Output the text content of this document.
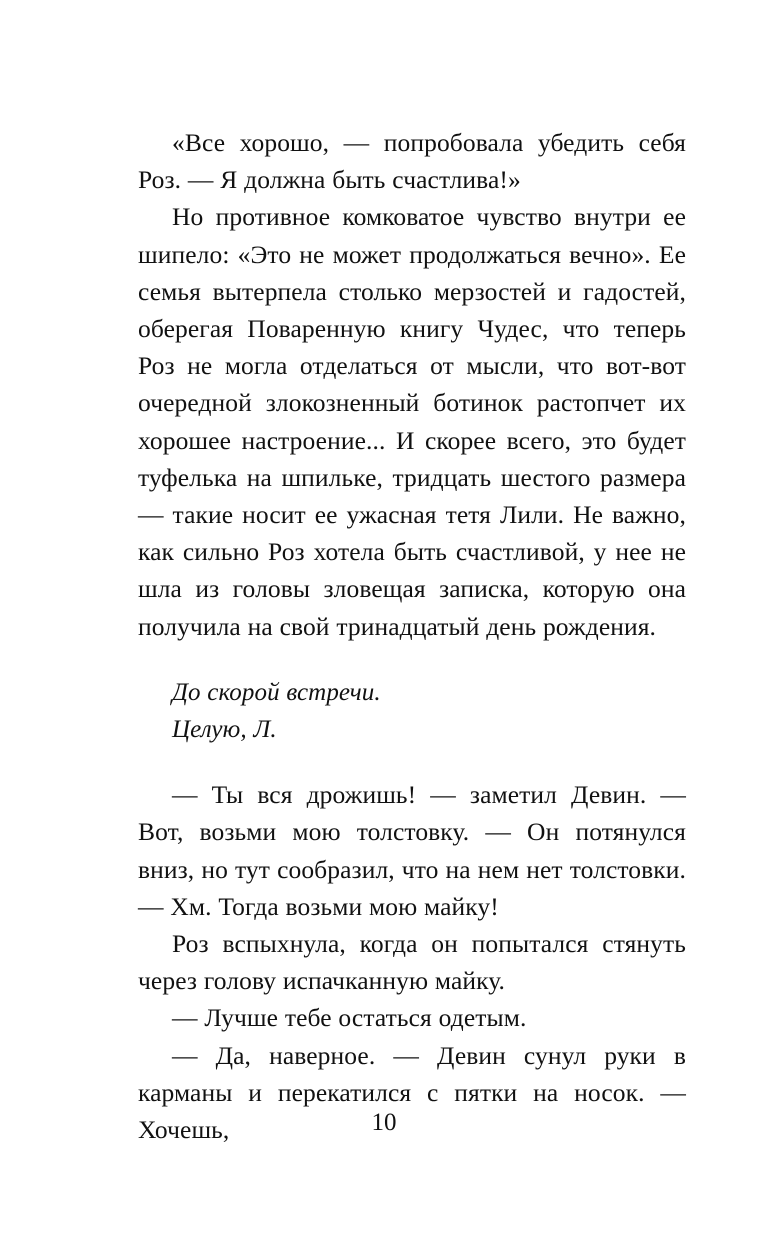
«Все хорошо, — попробовала убедить себя Роз. — Я должна быть счастлива!»

Но противное комковатое чувство внутри ее шипело: «Это не может продолжаться вечно». Ее семья вытерпела столько мерзостей и гадостей, оберегая Поваренную книгу Чудес, что теперь Роз не могла отделаться от мысли, что вот-вот очередной злокозненный ботинок растопчет их хорошее настроение... И скорее всего, это будет туфелька на шпильке, тридцать шестого размера — такие носит ее ужасная тетя Лили. Не важно, как сильно Роз хотела быть счастливой, у нее не шла из головы зловещая записка, которую она получила на свой тринадцатый день рождения.

До скорой встречи.

Целую, Л.

— Ты вся дрожишь! — заметил Девин. — Вот, возьми мою толстовку. — Он потянулся вниз, но тут сообразил, что на нем нет толстовки. — Хм. Тогда возьми мою майку!

Роз вспыхнула, когда он попытался стянуть через голову испачканную майку.

— Лучше тебе остаться одетым.

— Да, наверное. — Девин сунул руки в карманы и перекатился с пятки на носок. — Хочешь,	10
